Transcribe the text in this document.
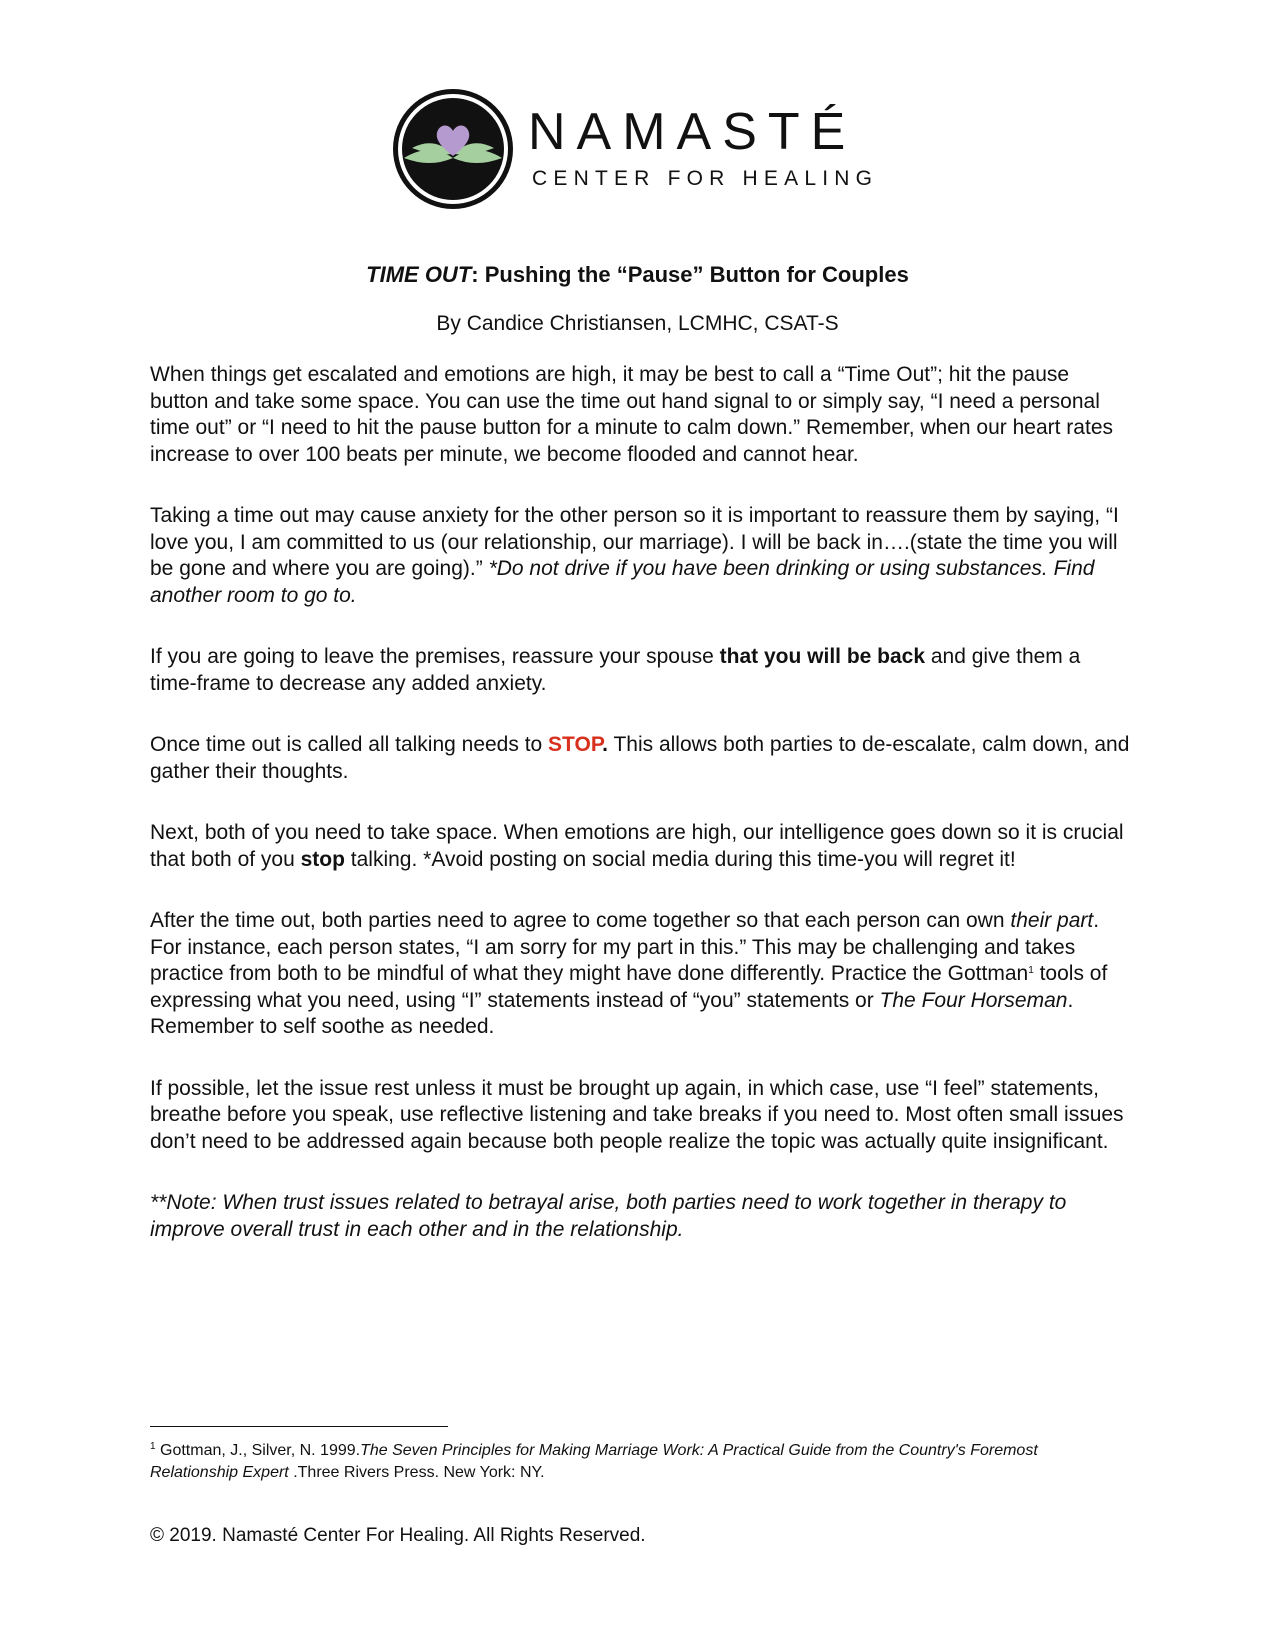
NAMASTÉ
CENTER FOR HEALING
TIME OUT: Pushing the “Pause” Button for Couples
By Candice Christiansen, LCMHC, CSAT-S

When things get escalated and emotions are high, it may be best to call a “Time Out”; hit the pause button and take some space. You can use the time out hand signal to or simply say, “I need a personal time out” or “I need to hit the pause button for a minute to calm down.” Remember, when our heart rates increase to over 100 beats per minute, we become flooded and cannot hear.

Taking a time out may cause anxiety for the other person so it is important to reassure them by saying, “I love you, I am committed to us (our relationship, our marriage). I will be back in….(state the time you will be gone and where you are going).” *Do not drive if you have been drinking or using substances. Find another room to go to.

If you are going to leave the premises, reassure your spouse that you will be back and give them a time-frame to decrease any added anxiety.

Once time out is called all talking needs to STOP. This allows both parties to de-escalate, calm down, and gather their thoughts.

Next, both of you need to take space. When emotions are high, our intelligence goes down so it is crucial that both of you stop talking. *Avoid posting on social media during this time-you will regret it!

After the time out, both parties need to agree to come together so that each person can own their part. For instance, each person states, “I am sorry for my part in this.” This may be challenging and takes practice from both to be mindful of what they might have done differently. Practice the Gottman$^1$ tools of expressing what you need, using “I” statements instead of “you” statements or The Four Horseman. Remember to self soothe as needed.

If possible, let the issue rest unless it must be brought up again, in which case, use “I feel” statements, breathe before you speak, use reflective listening and take breaks if you need to. Most often small issues don’t need to be addressed again because both people realize the topic was actually quite insignificant.

**Note: When trust issues related to betrayal arise, both parties need to work together in therapy to improve overall trust in each other and in the relationship.

$^1$ Gottman, J., Silver, N. 1999.The Seven Principles for Making Marriage Work: A Practical Guide from the Country's Foremost Relationship Expert .Three Rivers Press. New York: NY.
© 2019. Namasté Center For Healing. All Rights Reserved.
